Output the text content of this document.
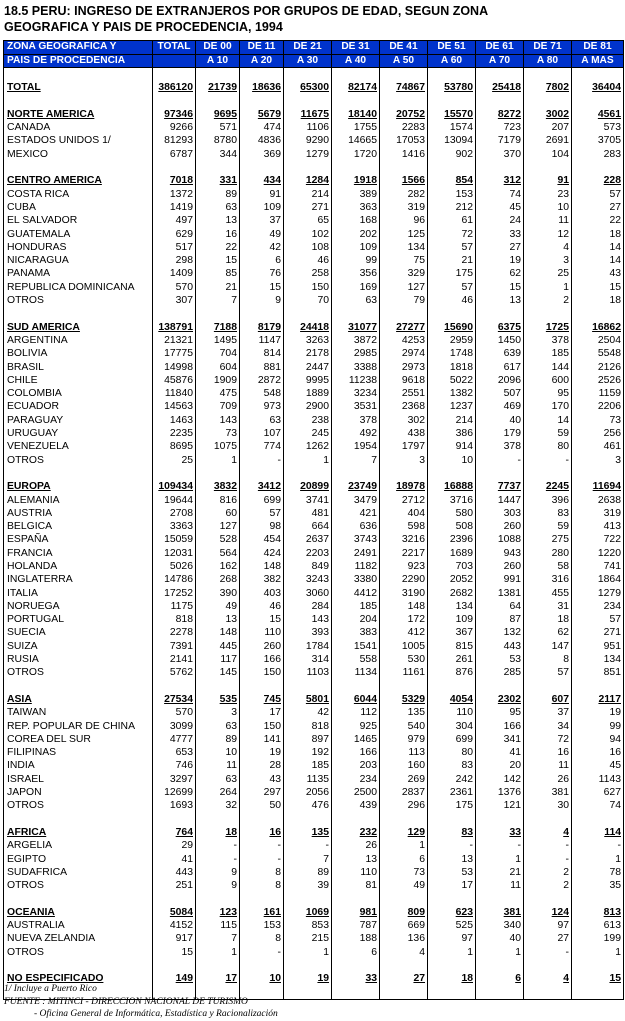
18.5 PERU: INGRESO DE EXTRANJEROS POR GRUPOS DE EDAD, SEGUN ZONA
GEOGRAFICA Y PAIS DE PROCEDENCIA, 1994
ZONA GEOGRAFICA Y	TOTAL	DE 00	DE 11	DE 21	DE 31	DE 41	DE 51	DE 61	DE 71	DE 81
PAIS DE PROCEDENCIA		A 10	A 20	A 30	A 40	A 50	A 60	A 70	A 80	A MAS

TOTAL	386120	21739	18636	65300	82174	74867	53780	25418	7802	36404

NORTE AMERICA	97346	9695	5679	11675	18140	20752	15570	8272	3002	4561
CANADA	9266	571	474	1106	1755	2283	1574	723	207	573
ESTADOS UNIDOS 1/	81293	8780	4836	9290	14665	17053	13094	7179	2691	3705
MEXICO	6787	344	369	1279	1720	1416	902	370	104	283

CENTRO AMERICA	7018	331	434	1284	1918	1566	854	312	91	228
COSTA RICA	1372	89	91	214	389	282	153	74	23	57
CUBA	1419	63	109	271	363	319	212	45	10	27
EL SALVADOR	497	13	37	65	168	96	61	24	11	22
GUATEMALA	629	16	49	102	202	125	72	33	12	18
HONDURAS	517	22	42	108	109	134	57	27	4	14
NICARAGUA	298	15	6	46	99	75	21	19	3	14
PANAMA	1409	85	76	258	356	329	175	62	25	43
REPUBLICA DOMINICANA	570	21	15	150	169	127	57	15	1	15
OTROS	307	7	9	70	63	79	46	13	2	18

SUD AMERICA	138791	7188	8179	24418	31077	27277	15690	6375	1725	16862
ARGENTINA	21321	1495	1147	3263	3872	4253	2959	1450	378	2504
BOLIVIA	17775	704	814	2178	2985	2974	1748	639	185	5548
BRASIL	14998	604	881	2447	3388	2973	1818	617	144	2126
CHILE	45876	1909	2872	9995	11238	9618	5022	2096	600	2526
COLOMBIA	11840	475	548	1889	3234	2551	1382	507	95	1159
ECUADOR	14563	709	973	2900	3531	2368	1237	469	170	2206
PARAGUAY	1463	143	63	238	378	302	214	40	14	73
URUGUAY	2235	73	107	245	492	438	386	179	59	256
VENEZUELA	8695	1075	774	1262	1954	1797	914	378	80	461
OTROS	25	1	-	1	7	3	10	-	-	3

EUROPA	109434	3832	3412	20899	23749	18978	16888	7737	2245	11694
ALEMANIA	19644	816	699	3741	3479	2712	3716	1447	396	2638
AUSTRIA	2708	60	57	481	421	404	580	303	83	319
BELGICA	3363	127	98	664	636	598	508	260	59	413
ESPAÑA	15059	528	454	2637	3743	3216	2396	1088	275	722
FRANCIA	12031	564	424	2203	2491	2217	1689	943	280	1220
HOLANDA	5026	162	148	849	1182	923	703	260	58	741
INGLATERRA	14786	268	382	3243	3380	2290	2052	991	316	1864
ITALIA	17252	390	403	3060	4412	3190	2682	1381	455	1279
NORUEGA	1175	49	46	284	185	148	134	64	31	234
PORTUGAL	818	13	15	143	204	172	109	87	18	57
SUECIA	2278	148	110	393	383	412	367	132	62	271
SUIZA	7391	445	260	1784	1541	1005	815	443	147	951
RUSIA	2141	117	166	314	558	530	261	53	8	134
OTROS	5762	145	150	1103	1134	1161	876	285	57	851

ASIA	27534	535	745	5801	6044	5329	4054	2302	607	2117
TAIWAN	570	3	17	42	112	135	110	95	37	19
REP. POPULAR DE CHINA	3099	63	150	818	925	540	304	166	34	99
COREA DEL SUR	4777	89	141	897	1465	979	699	341	72	94
FILIPINAS	653	10	19	192	166	113	80	41	16	16
INDIA	746	11	28	185	203	160	83	20	11	45
ISRAEL	3297	63	43	1135	234	269	242	142	26	1143
JAPON	12699	264	297	2056	2500	2837	2361	1376	381	627
OTROS	1693	32	50	476	439	296	175	121	30	74

AFRICA	764	18	16	135	232	129	83	33	4	114
ARGELIA	29	-	-	-	26	1	-	-	-	-
EGIPTO	41	-	-	7	13	6	13	1	-	1
SUDAFRICA	443	9	8	89	110	73	53	21	2	78
OTROS	251	9	8	39	81	49	17	11	2	35

OCEANIA	5084	123	161	1069	981	809	623	381	124	813
AUSTRALIA	4152	115	153	853	787	669	525	340	97	613
NUEVA ZELANDIA	917	7	8	215	188	136	97	40	27	199
OTROS	15	1	-	1	6	4	1	1	-	1

NO ESPECIFICADO	149	17	10	19	33	27	18	6	4	15

1/ Incluye a Puerto Rico
FUENTE : MITINCI - DIRECCION NACIONAL DE TURISMO
- Oficina General de Informática, Estadística y Racionalización
